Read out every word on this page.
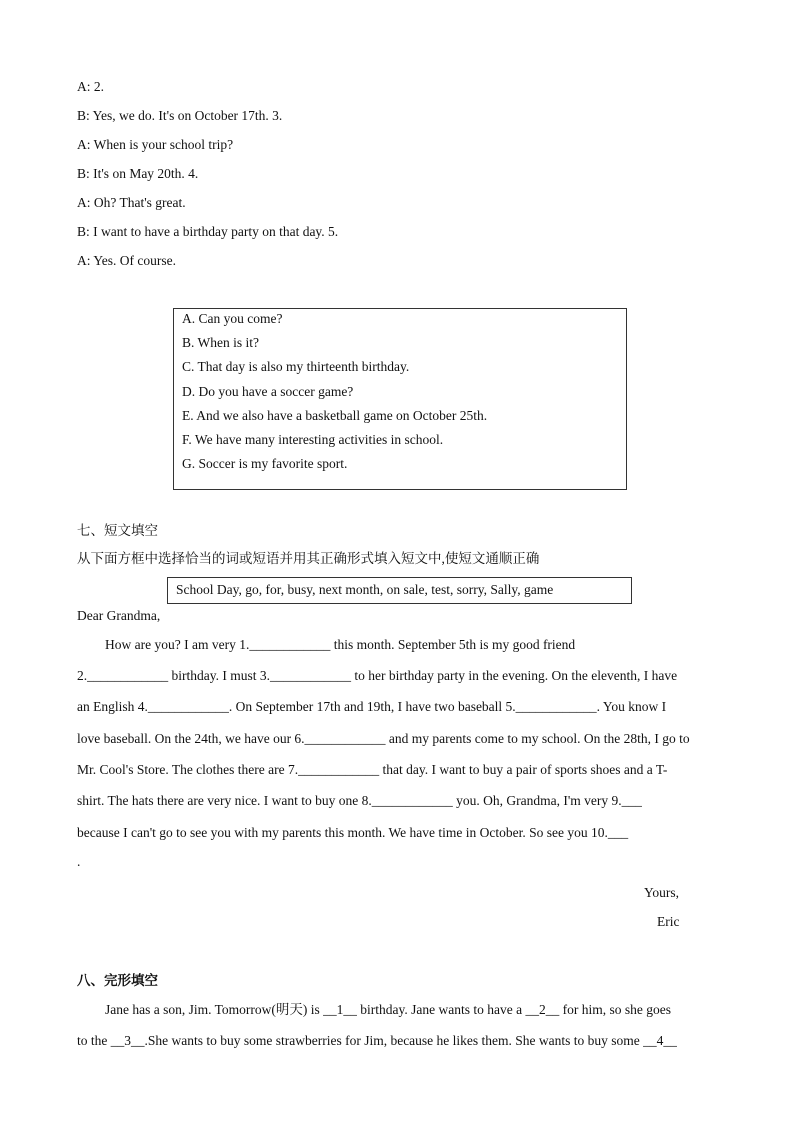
A: 2.
B: Yes, we do. It's on October 17th. 3.
A: When is your school trip?
B: It's on May 20th. 4.
A: Oh? That's great.
B: I want to have a birthday party on that day. 5.
A: Yes. Of course.
A. Can you come?
B. When is it?
C. That day is also my thirteenth birthday.
D. Do you have a soccer game?
E. And we also have a basketball game on October 25th.
F. We have many interesting activities in school.
G. Soccer is my favorite sport.
七、短文填空
从下面方框中选择恰当的词或短语并用其正确形式填入短文中,使短文通顺正确
School Day, go, for, busy, next month, on sale, test, sorry, Sally, game
Dear Grandma,
How are you? I am very 1.____________ this month. September 5th is my good friend
2.____________ birthday. I must 3.____________ to her birthday party in the evening. On the eleventh, I have
an English 4.____________. On September 17th and 19th, I have two baseball 5.____________. You know I
love baseball. On the 24th, we have our 6.____________ and my parents come to my school. On the 28th, I go to
Mr. Cool's Store. The clothes there are 7.____________ that day. I want to buy a pair of sports shoes and a T-
shirt. The hats there are very nice. I want to buy one 8.____________ you. Oh, Grandma, I'm very 9.___
because I can't go to see you with my parents this month. We have time in October. So see you 10.___
.
Yours,
Eric
八、完形填空
Jane has a son, Jim. Tomorrow(明天) is __1__ birthday. Jane wants to have a __2__ for him, so she goes
to the __3__.She wants to buy some strawberries for Jim, because he likes them. She wants to buy some __4__
